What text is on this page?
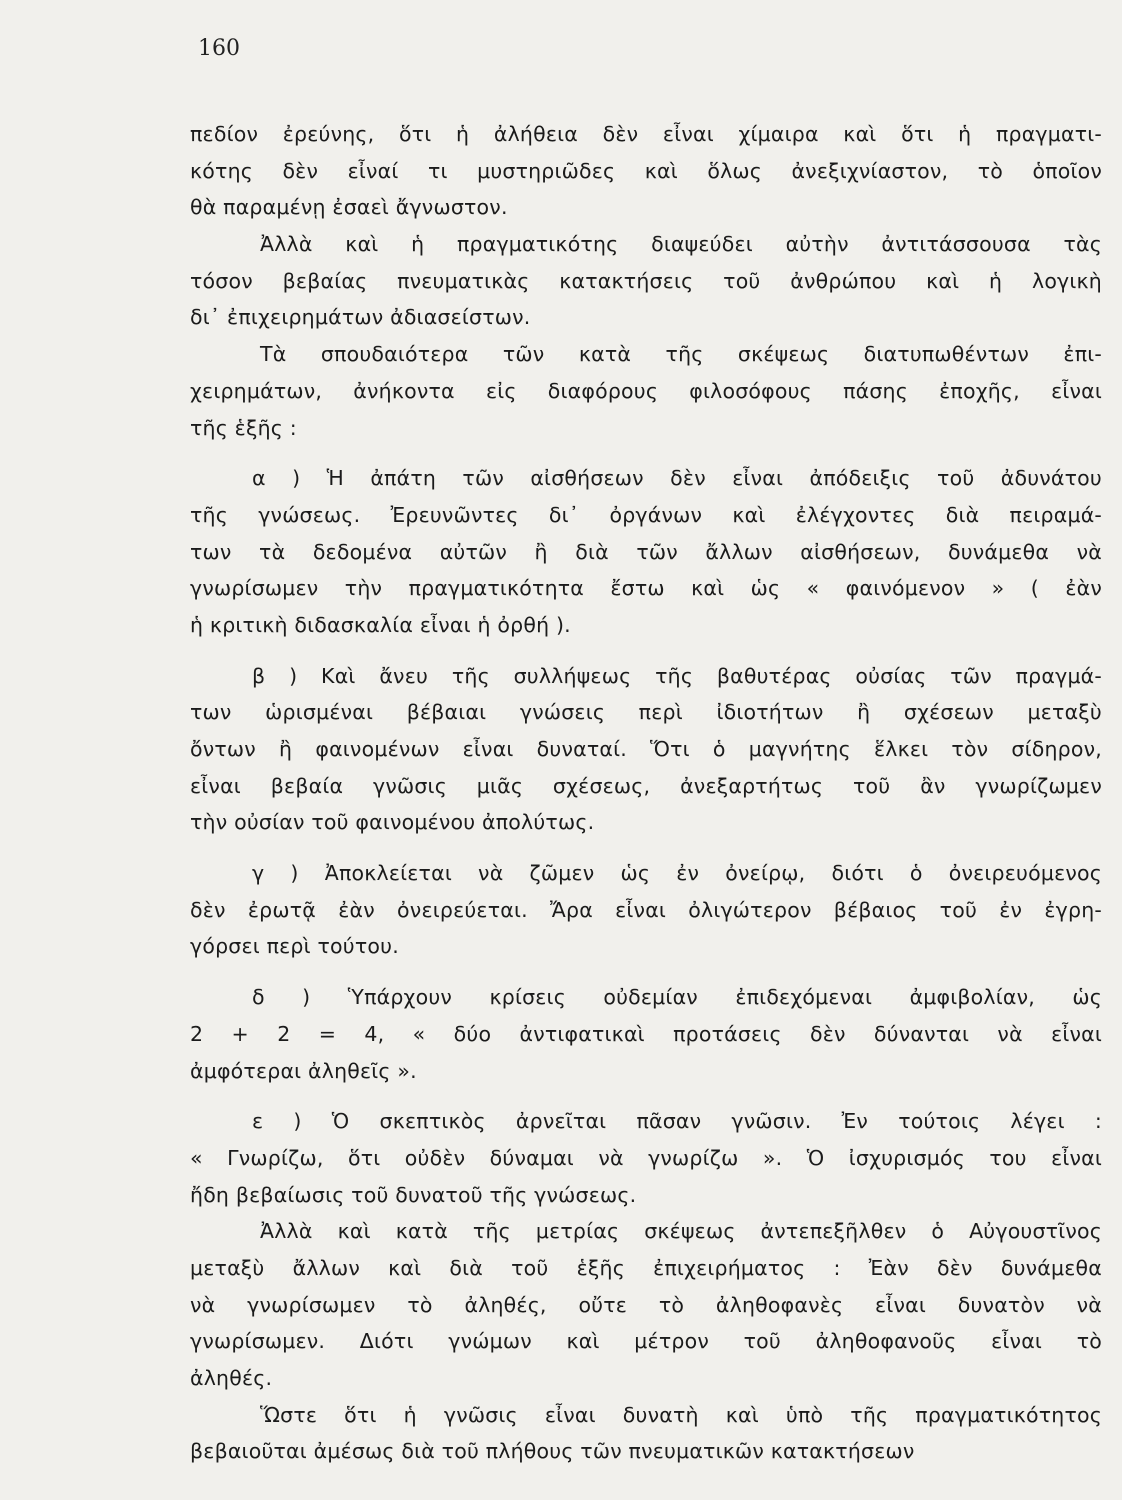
160
πεδίον ἐρεύνης, ὅτι ἡ ἀλήθεια δὲν εἶναι χίμαιρα καὶ ὅτι ἡ πραγματι-
κότης δὲν εἶναί τι μυστηριῶδες καὶ ὅλως ἀνεξιχνίαστον, τὸ ὁποῖον
θὰ παραμένῃ ἐσαεὶ ἄγνωστον.
Ἀλλὰ καὶ ἡ πραγματικότης διαψεύδει αὐτὴν ἀντιτάσσουσα τὰς
τόσον βεβαίας πνευματικὰς κατακτήσεις τοῦ ἀνθρώπου καὶ ἡ λογικὴ
δι᾿ ἐπιχειρημάτων ἀδιασείστων.
Τὰ σπουδαιότερα τῶν κατὰ τῆς σκέψεως διατυπωθέντων ἐπι-
χειρημάτων, ἀνήκοντα εἰς διαφόρους φιλοσόφους πάσης ἐποχῆς, εἶναι
τῆς ἑξῆς :
α ) Ἡ ἀπάτη τῶν αἰσθήσεων δὲν εἶναι ἀπόδειξις τοῦ ἀδυνάτου
τῆς γνώσεως. Ἐρευνῶντες δι᾿ ὀργάνων καὶ ἐλέγχοντες διὰ πειραμά-
των τὰ δεδομένα αὐτῶν ἢ διὰ τῶν ἄλλων αἰσθήσεων, δυνάμεθα νὰ
γνωρίσωμεν τὴν πραγματικότητα ἔστω καὶ ὡς « φαινόμενον » ( ἐὰν
ἡ κριτικὴ διδασκαλία εἶναι ἡ ὀρθή ).
β ) Καὶ ἄνευ τῆς συλλήψεως τῆς βαθυτέρας οὐσίας τῶν πραγμά-
των ὡρισμέναι βέβαιαι γνώσεις περὶ ἰδιοτήτων ἢ σχέσεων μεταξὺ
ὄντων ἢ φαινομένων εἶναι δυναταί. Ὅτι ὁ μαγνήτης ἕλκει τὸν σίδηρον,
εἶναι βεβαία γνῶσις μιᾶς σχέσεως, ἀνεξαρτήτως τοῦ ἂν γνωρίζωμεν
τὴν οὐσίαν τοῦ φαινομένου ἀπολύτως.
γ ) Ἀποκλείεται νὰ ζῶμεν ὡς ἐν ὀνείρῳ, διότι ὁ ὀνειρευόμενος
δὲν ἐρωτᾷ ἐὰν ὀνειρεύεται. Ἄρα εἶναι ὀλιγώτερον βέβαιος τοῦ ἐν ἐγρη-
γόρσει περὶ τούτου.
δ ) Ὑπάρχουν κρίσεις οὐδεμίαν ἐπιδεχόμεναι ἀμφιβολίαν, ὡς
2 + 2 = 4, « δύο ἀντιφατικαὶ προτάσεις δὲν δύνανται νὰ εἶναι
ἀμφότεραι ἀληθεῖς ».
ε ) Ὁ σκεπτικὸς ἀρνεῖται πᾶσαν γνῶσιν. Ἐν τούτοις λέγει :
« Γνωρίζω, ὅτι οὐδὲν δύναμαι νὰ γνωρίζω ». Ὁ ἰσχυρισμός του εἶναι
ἤδη βεβαίωσις τοῦ δυνατοῦ τῆς γνώσεως.
Ἀλλὰ καὶ κατὰ τῆς μετρίας σκέψεως ἀντεπεξῆλθεν ὁ Αὐγουστῖνος
μεταξὺ ἄλλων καὶ διὰ τοῦ ἑξῆς ἐπιχειρήματος : Ἐὰν δὲν δυνάμεθα
νὰ γνωρίσωμεν τὸ ἀληθές, οὔτε τὸ ἀληθοφανὲς εἶναι δυνατὸν νὰ
γνωρίσωμεν. Διότι γνώμων καὶ μέτρον τοῦ ἀληθοφανοῦς εἶναι τὸ
ἀληθές.
Ὥστε ὅτι ἡ γνῶσις εἶναι δυνατὴ καὶ ὑπὸ τῆς πραγματικότητος
βεβαιοῦται ἀμέσως διὰ τοῦ πλήθους τῶν πνευματικῶν κατακτήσεων
